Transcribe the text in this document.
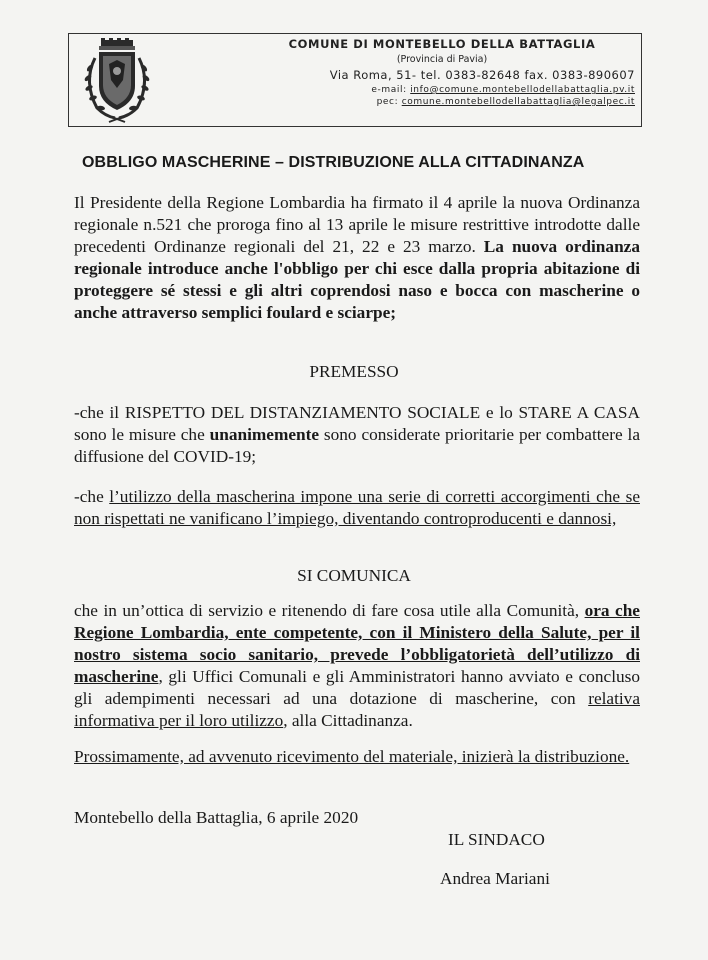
COMUNE DI MONTEBELLO DELLA BATTAGLIA
(Provincia di Pavia)
Via Roma, 51- tel. 0383-82648 fax. 0383-890607
e-mail: info@comune.montebellodellabattaglia.pv.it
pec: comune.montebellodellabattaglia@legalpec.it
OBBLIGO MASCHERINE – DISTRIBUZIONE ALLA CITTADINANZA
Il Presidente della Regione Lombardia ha firmato il 4 aprile la nuova Ordinanza regionale n.521 che proroga fino al 13 aprile le misure restrittive introdotte dalle precedenti Ordinanze regionali del 21, 22 e 23 marzo. La nuova ordinanza regionale introduce anche l'obbligo per chi esce dalla propria abitazione di proteggere sé stessi e gli altri coprendosi naso e bocca con mascherine o anche attraverso semplici foulard e sciarpe;
PREMESSO
-che il RISPETTO DEL DISTANZIAMENTO SOCIALE e lo STARE A CASA sono le misure che unanimemente sono considerate prioritarie per combattere la diffusione del COVID-19;
-che l’utilizzo della mascherina impone una serie di corretti accorgimenti che se non rispettati ne vanificano l’impiego, diventando controproducenti e dannosi,
SI COMUNICA
che in un’ottica di servizio e ritenendo di fare cosa utile alla Comunità, ora che Regione Lombardia, ente competente, con il Ministero della Salute, per il nostro sistema socio sanitario, prevede l’obbligatorietà dell’utilizzo di mascherine, gli Uffici Comunali e gli Amministratori hanno avviato e concluso gli adempimenti necessari ad una dotazione di mascherine, con relativa informativa per il loro utilizzo, alla Cittadinanza.
Prossimamente, ad avvenuto ricevimento del materiale, inizierà la distribuzione.
Montebello della Battaglia, 6 aprile 2020
IL SINDACO
Andrea Mariani
